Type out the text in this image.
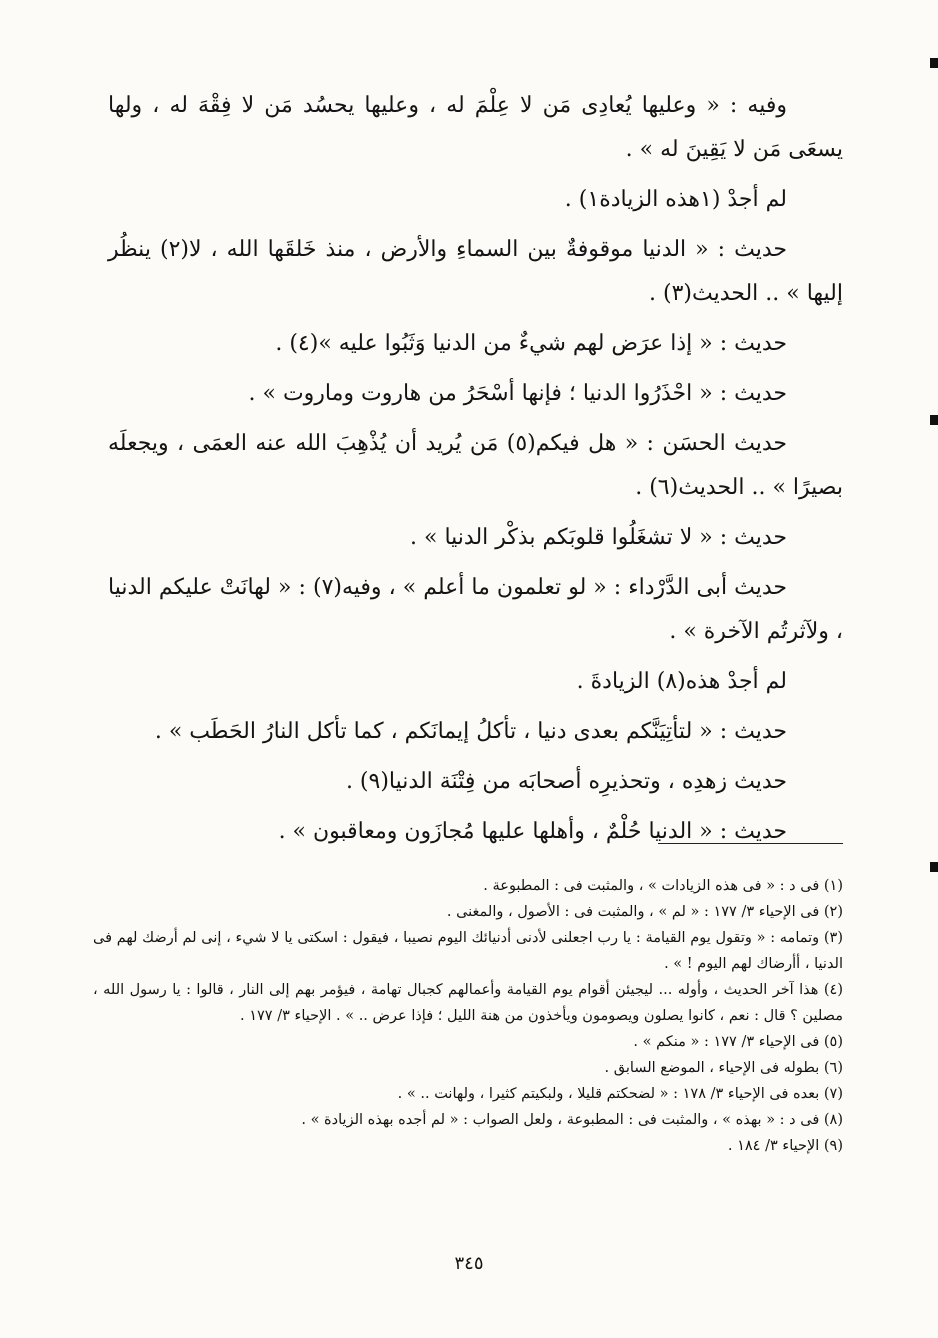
وفيه : « وعليها يُعادِى مَن لا عِلْمَ له ، وعليها يحسُد مَن لا فِقْهَ له ، ولها يسعَى مَن لا يَقِينَ له » .

لم أجدْ (١هذه الزيادة١) .

حديث : « الدنيا موقوفةٌ بين السماءِ والأرض ، منذ خَلقَها الله ، لا(٢) ينظُر إليها » .. الحديث(٣) .

حديث : « إذا عرَض لهم شيءٌ من الدنيا وَثَبُوا عليه »(٤) .

حديث : « احْذَرُوا الدنيا ؛ فإنها أسْحَرُ من هاروت وماروت » .

حديث الحسَن : « هل فيكم(٥) مَن يُريد أن يُذْهِبَ الله عنه العمَى ، ويجعلَه بصيرًا » .. الحديث(٦) .

حديث : « لا تشغَلُوا قلوبَكم بذكْر الدنيا » .

حديث أبى الدَّرْداء : « لو تعلمون ما أعلم » ، وفيه(٧) : « لهانَتْ عليكم الدنيا ، ولآثرتُم الآخرة » .

لم أجدْ هذه(٨) الزيادةَ .

حديث : « لتأتِيَنَّكم بعدى دنيا ، تأكلُ إيمانَكم ، كما تأكل النارُ الحَطَب » .

حديث زهدِه ، وتحذيرِه أصحابَه من فِتْنَة الدنيا(٩) .

حديث : « الدنيا حُلْمٌ ، وأهلها عليها مُجازَون ومعاقبون » .

(١) فى د : « فى هذه الزيادات » ، والمثبت فى : المطبوعة .

(٢) فى الإحياء ٣/ ١٧٧ : « لم » ، والمثبت فى : الأصول ، والمغنى .

(٣) وتمامه : « وتقول يوم القيامة : يا رب اجعلنى لأدنى أدنيائك اليوم نصيبا ، فيقول : اسكتى يا لا شيء ، إنى لم أرضك لهم فى الدنيا ، أأرضاك لهم اليوم ! » .

(٤) هذا آخر الحديث ، وأوله ... ليجيئن أقوام يوم القيامة وأعمالهم كجبال تهامة ، فيؤمر بهم إلى النار ، قالوا : يا رسول الله ، مصلين ؟ قال : نعم ، كانوا يصلون ويصومون ويأخذون من هنة الليل ؛ فإذا عرض .. » . الإحياء ٣/ ١٧٧ .

(٥) فى الإحياء ٣/ ١٧٧ : « منكم » .

(٦) بطوله فى الإحياء ، الموضع السابق .

(٧) بعده فى الإحياء ٣/ ١٧٨ : « لضحكتم قليلا ، ولبكيتم كثيرا ، ولهانت .. » .

(٨) فى د : « بهذه » ، والمثبت فى : المطبوعة ، ولعل الصواب : « لم أجده بهذه الزيادة » .

(٩) الإحياء ٣/ ١٨٤ .

٣٤٥
